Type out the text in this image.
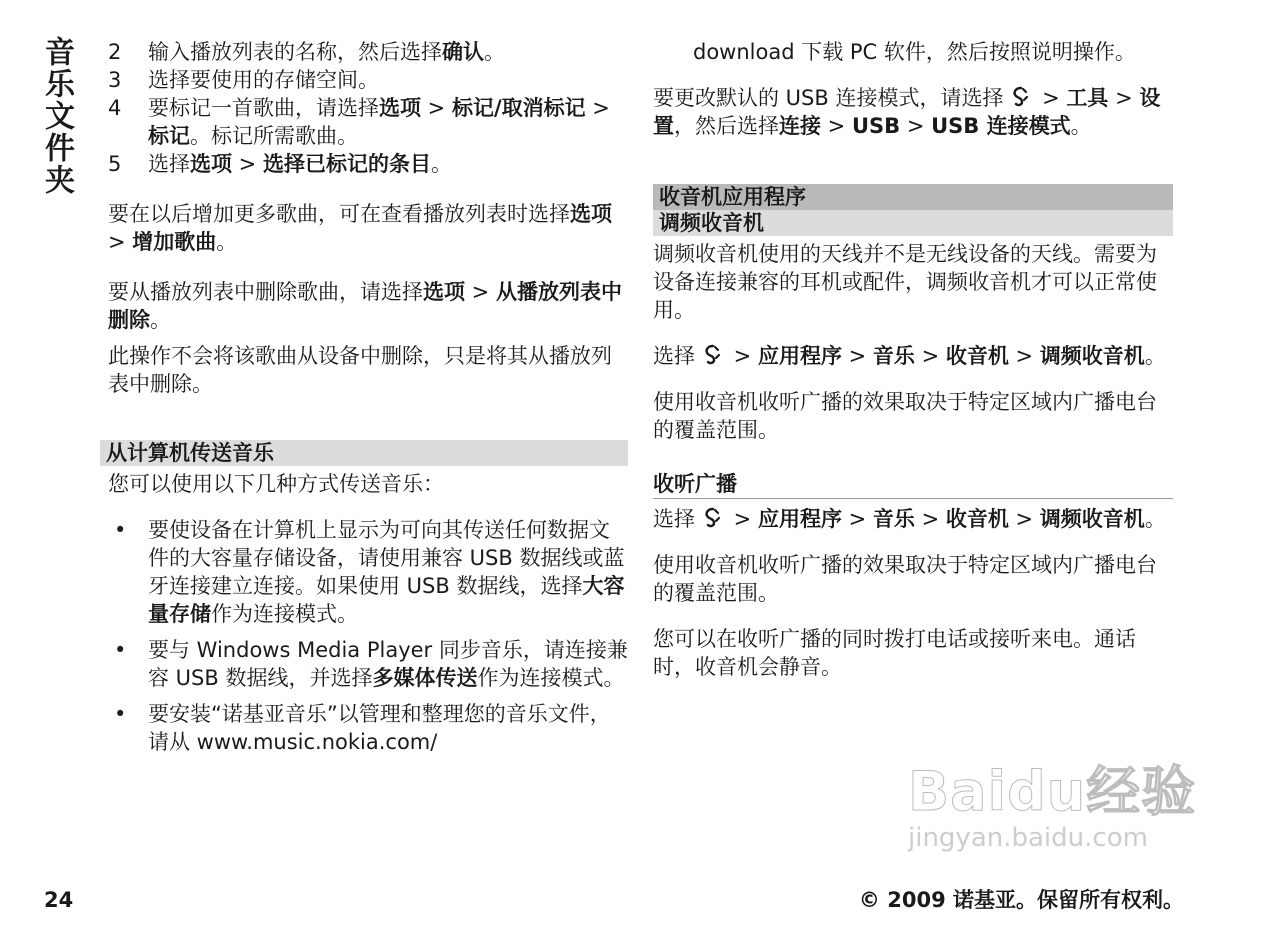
音乐文件夹 2 输入播放列表的名称，然后选择确认。
3 选择要使用的存储空间。
4 要标记一首歌曲，请选择选项 > 标记/取消标记 > 标记。标记所需歌曲。
5 选择选项 > 选择已标记的条目。

要在以后增加更多歌曲，可在查看播放列表时选择选项 > 增加歌曲。

要从播放列表中删除歌曲，请选择选项 > 从播放列表中删除。

此操作不会将该歌曲从设备中删除，只是将其从播放列表中删除。

从计算机传送音乐

您可以使用以下几种方式传送音乐：

• 要使设备在计算机上显示为可向其传送任何数据文件的大容量存储设备，请使用兼容 USB 数据线或蓝牙连接建立连接。如果使用 USB 数据线，选择大容量存储作为连接模式。
• 要与 Windows Media Player 同步音乐，请连接兼容 USB 数据线，并选择多媒体传送作为连接模式。
• 要安装“诺基亚音乐”以管理和整理您的音乐文件，请从 www.music.nokia.com/

download 下载 PC 软件，然后按照说明操作。

要更改默认的 USB 连接模式，请选择 > 工具 > 设置，然后选择连接 > USB > USB 连接模式。

收音机应用程序
调频收音机

调频收音机使用的天线并不是无线设备的天线。需要为设备连接兼容的耳机或配件，调频收音机才可以正常使用。

选择 > 应用程序 > 音乐 > 收音机 > 调频收音机。

使用收音机收听广播的效果取决于特定区域内广播电台的覆盖范围。

收听广播

选择 > 应用程序 > 音乐 > 收音机 > 调频收音机。

使用收音机收听广播的效果取决于特定区域内广播电台的覆盖范围。

您可以在收听广播的同时拨打电话或接听来电。通话时，收音机会静音。

Baidu经验
jingyan.baidu.com
24	© 2009 诺基亚。保留所有权利。
